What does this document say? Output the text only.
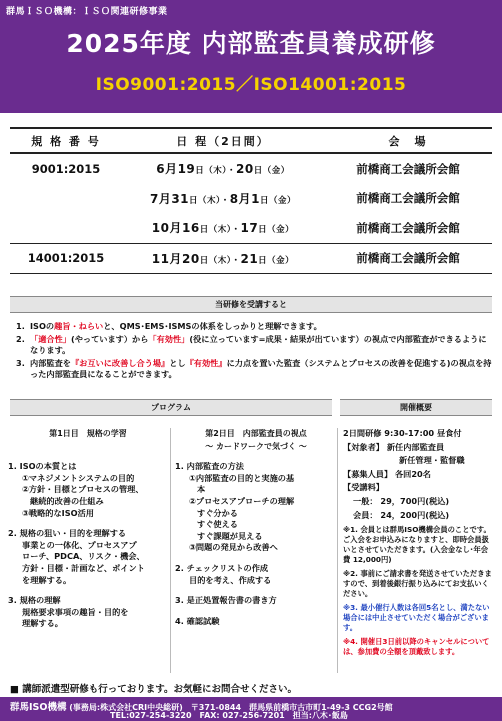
群馬ＩＳＯ機構：ＩＳＯ関連研修事業
2025年度 内部監査員養成研修
ISO9001:2015／ISO14001:2015
規 格 番 号	日 程（2日間）	会　場
9001:2015	6月19日（木）・20日（金）	前橋商工会議所会館
	7月31日（木）・8月1日（金）	前橋商工会議所会館
	10月16日（木）・17日（金）	前橋商工会議所会館
14001:2015	11月20日（木）・21日（金）	前橋商工会議所会館
当研修を受講すると
1. ISOの趣旨・ねらいと、QMS･EMS･ISMSの体系をしっかりと理解できます。
2. 「適合性」(やっています）から「有効性」(役に立っています=成果・結果が出ています）の視点で内部監査ができるようになります。
3. 内部監査を『お互いに改善し合う場』とし『有効性』に力点を置いた監査（システムとプロセスの改善を促進する)の視点を持った内部監査員になることができます。
プログラム	開催概要
第1日目　規格の学習

1. ISOの本質とは
①マネジメントシステムの目的
②方針・目標とプロセスの管理、
継続的改善の仕組み
③戦略的なISO活用
2. 規格の狙い・目的を理解する
事業との一体化、プロセスアプ
ローチ、PDCA、リスク・機会、
方針・目標・計画など、ポイント
を理解する。
3. 規格の理解
規格要求事項の趣旨・目的を
理解する。
第2日目　内部監査員の視点
～ カードワークで気づく ～
1. 内部監査の方法
①内部監査の目的と実施の基
本
②プロセスアプローチの理解
すぐ分かる
すぐ使える
すぐ課題が見える
③問題の発見から改善へ
2. チェックリストの作成
目的を考え、作成する
3. 是正処置報告書の書き方
4. 確認試験
2日間研修 9:30-17:00 昼食付
【対象者】 新任内部監査員
新任管理・監督職
【募集人員】 各回20名
【受講料】
一般： 29，700円(税込)
会員： 24，200円(税込)
※1. 会員とは群馬ISO機構会員のことです。ご入会をお申込みになりますと、即時会員扱いとさせていただきます。(入会金なし･年会費 12,000円)
※2. 事前にご請求書を発送させていただきますので、到着後銀行振り込みにてお支払いください。
※3. 最小催行人数は各回5名とし、満たない場合には中止させていただく場合がございます。
※4. 開催日3日前以降のキャンセルについては、参加費の全額を頂戴致します。
■ 講師派遣型研修も行っております。お気軽にお問合せください。
群馬ISO機構 (事務局:株式会社CRI中央総研)　 〒371-0844　群馬県前橋市古市町1-49-3 CCG2号館
TEL:027-254-3220　FAX: 027-256-7201　担当:八木･飯島
